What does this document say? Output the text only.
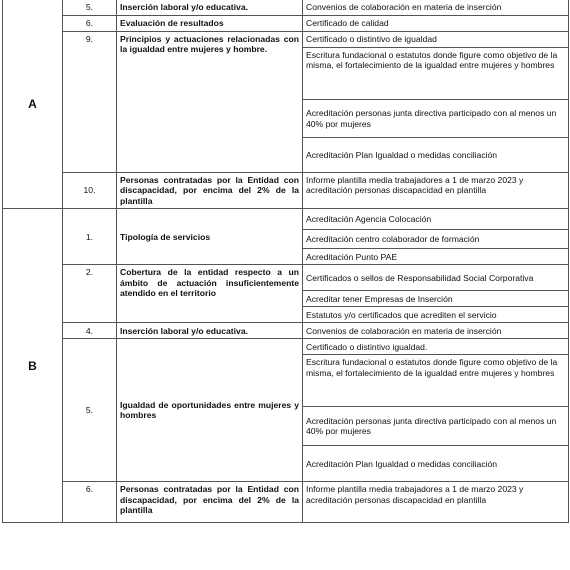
A	5.	Inserción laboral y/o educativa.	Convenios de colaboración en materia de inserción
	6.	Evaluación de resultados	Certificado de calidad
	9.	Principios y actuaciones relacionadas con la igualdad entre mujeres y hombre.	Certificado o distintivo de igualdad
			Escritura fundacional o estatutos donde figure como objetivo de la misma, el fortalecimiento de la igualdad entre mujeres y hombres
			Acreditación personas junta directiva participado con al menos un 40% por mujeres
			Acreditación Plan Igualdad o medidas conciliación
	10.	Personas contratadas por la Entidad con discapacidad, por encima del 2% de la plantilla	Informe plantilla media trabajadores a 1 de marzo 2023 y acreditación personas discapacidad en plantilla

B	1.	Tipología de servicios	Acreditación Agencia Colocación
			Acreditación centro colaborador de formación
			Acreditación Punto PAE
	2.	Cobertura de la entidad respecto a un ámbito de actuación insuficientemente atendido en el territorio	Certificados o sellos de Responsabilidad Social Corporativa
			Acreditar tener Empresas de Inserción
			Estatutos y/o certificados que acrediten el servicio
	4.	Inserción laboral y/o educativa.	Convenios de colaboración en materia de inserción
	5.	Igualdad de oportunidades entre mujeres y hombres	Certificado o distintivo igualdad.
			Escritura fundacional o estatutos donde figure como objetivo de la misma, el fortalecimiento de la igualdad entre mujeres y hombres
			Acreditación personas junta directiva participado con al menos un 40% por mujeres
			Acreditación Plan Igualdad o medidas conciliación
	6.	Personas contratadas por la Entidad con discapacidad, por encima del 2% de la plantilla	Informe plantilla media trabajadores a 1 de marzo 2023 y acreditación personas discapacidad en plantilla
